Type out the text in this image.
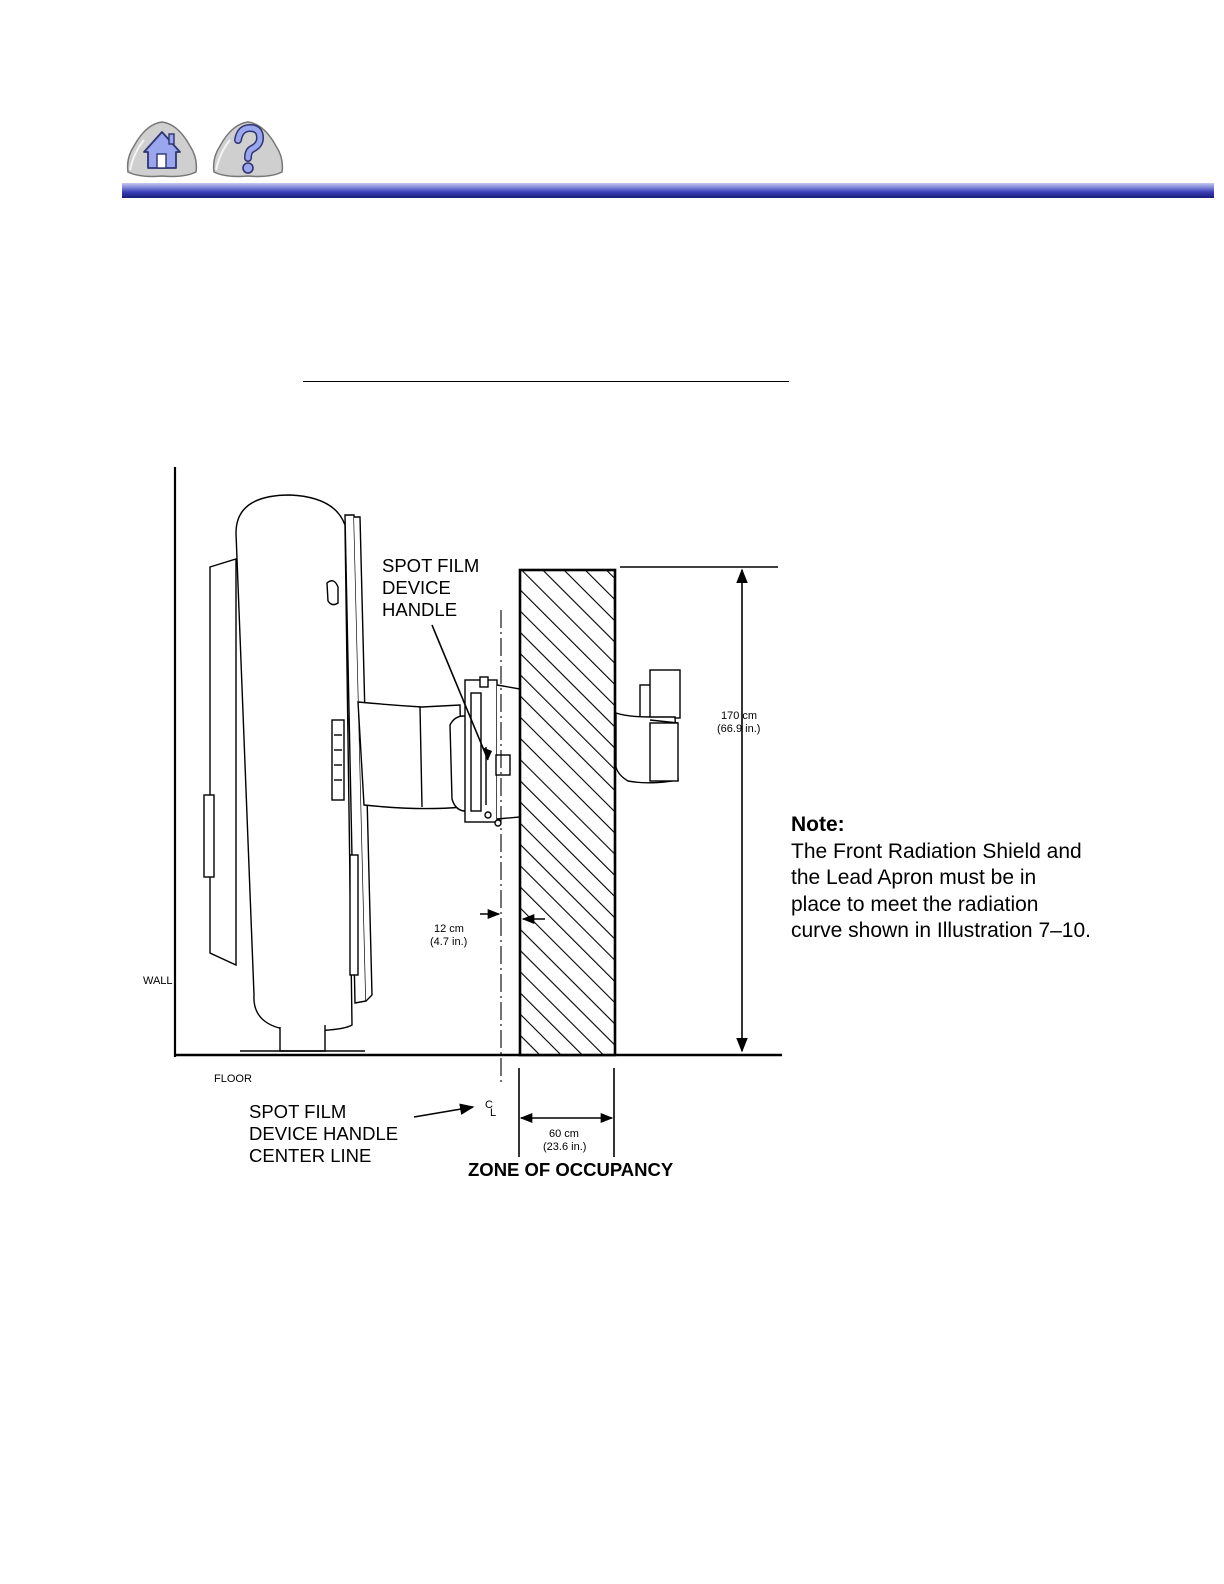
SPOT FILM DEVICE HANDLE
170 cm
(66.9 in.)
12 cm
(4.7 in.)
WALL
FLOOR
SPOT FILM DEVICE HANDLE CENTER LINE
C
L
60 cm
(23.6 in.)
ZONE OF OCCUPANCY
Note:
The Front Radiation Shield and the Lead Apron must be in place to meet the radiation curve shown in Illustration 7–10.
